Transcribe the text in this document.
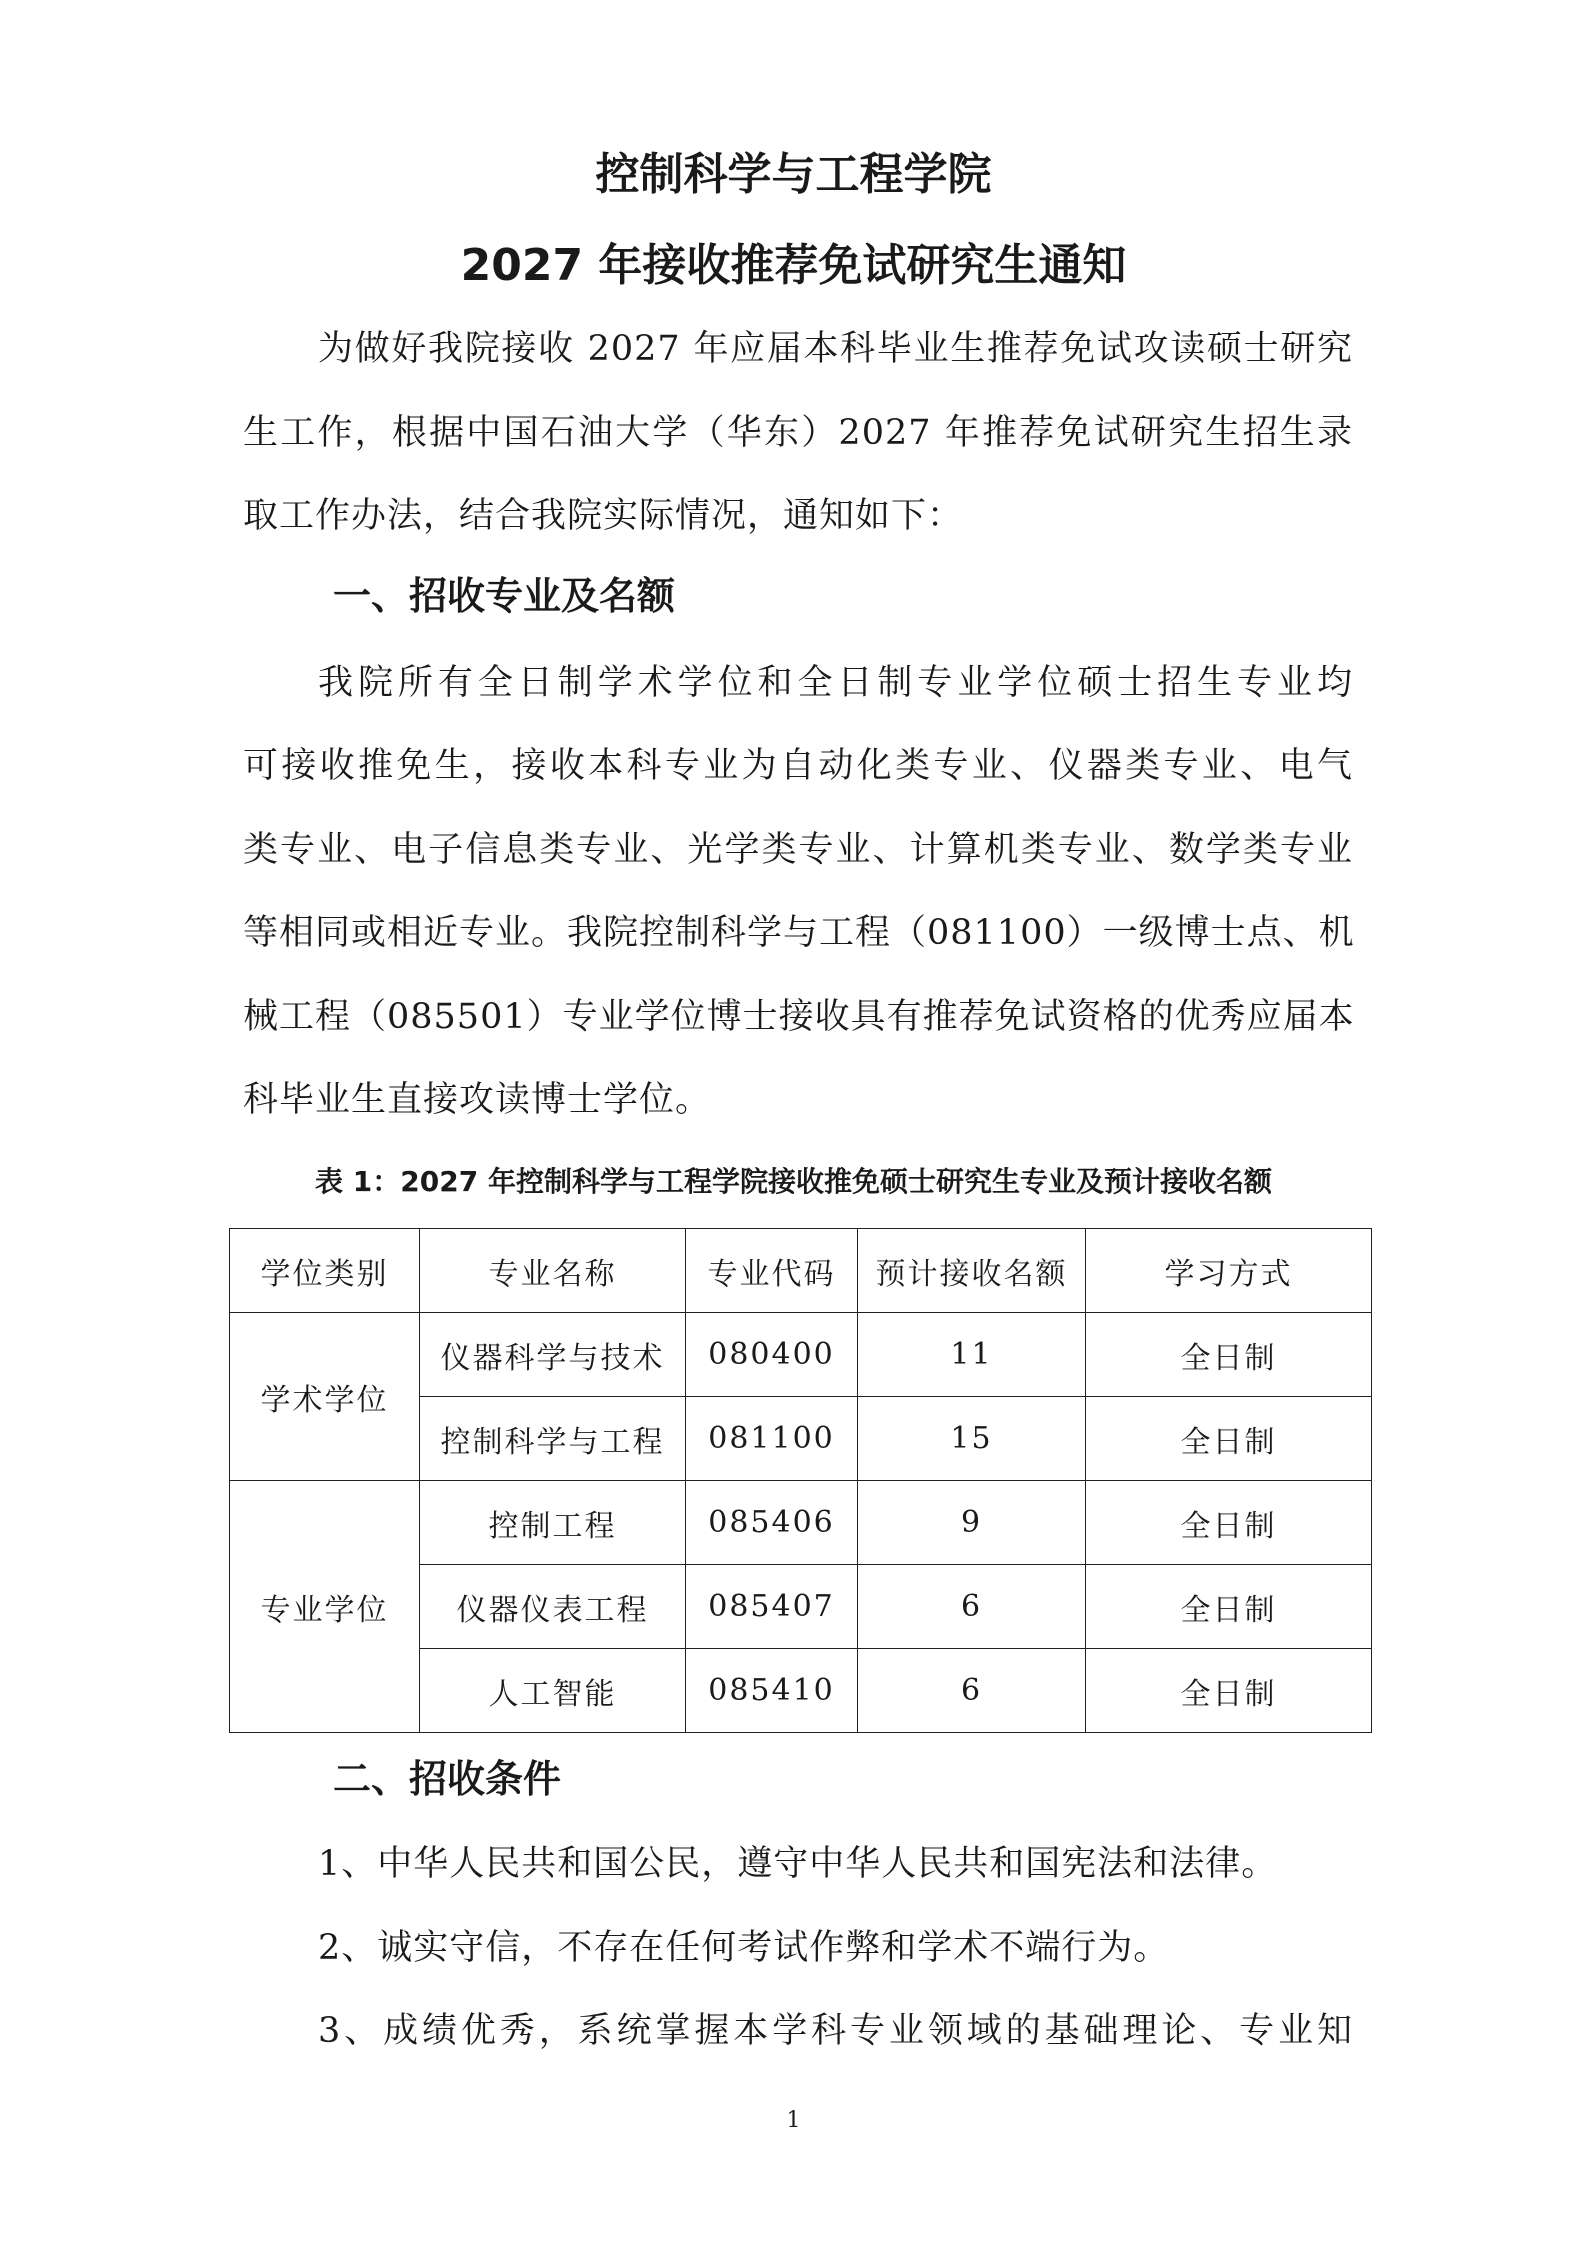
控制科学与工程学院
2027 年接收推荐免试研究生通知
为做好我院接收 2027 年应届本科毕业生推荐免试攻读硕士研究
生工作，根据中国石油大学（华东）2027 年推荐免试研究生招生录
取工作办法，结合我院实际情况，通知如下：
一、招收专业及名额
我院所有全日制学术学位和全日制专业学位硕士招生专业均
可接收推免生，接收本科专业为自动化类专业、仪器类专业、电气
类专业、电子信息类专业、光学类专业、计算机类专业、数学类专业
等相同或相近专业。我院控制科学与工程（081100）一级博士点、机
械工程（085501）专业学位博士接收具有推荐免试资格的优秀应届本
科毕业生直接攻读博士学位。
表 1：2027 年控制科学与工程学院接收推免硕士研究生专业及预计接收名额
学位类别	专业名称	专业代码	预计接收名额	学习方式
学术学位	仪器科学与技术	080400	11	全日制
	控制科学与工程	081100	15	全日制
专业学位	控制工程	085406	9	全日制
	仪器仪表工程	085407	6	全日制
	人工智能	085410	6	全日制
二、招收条件
1、中华人民共和国公民，遵守中华人民共和国宪法和法律。
2、诚实守信，不存在任何考试作弊和学术不端行为。
3、成绩优秀，系统掌握本学科专业领域的基础理论、专业知
1
